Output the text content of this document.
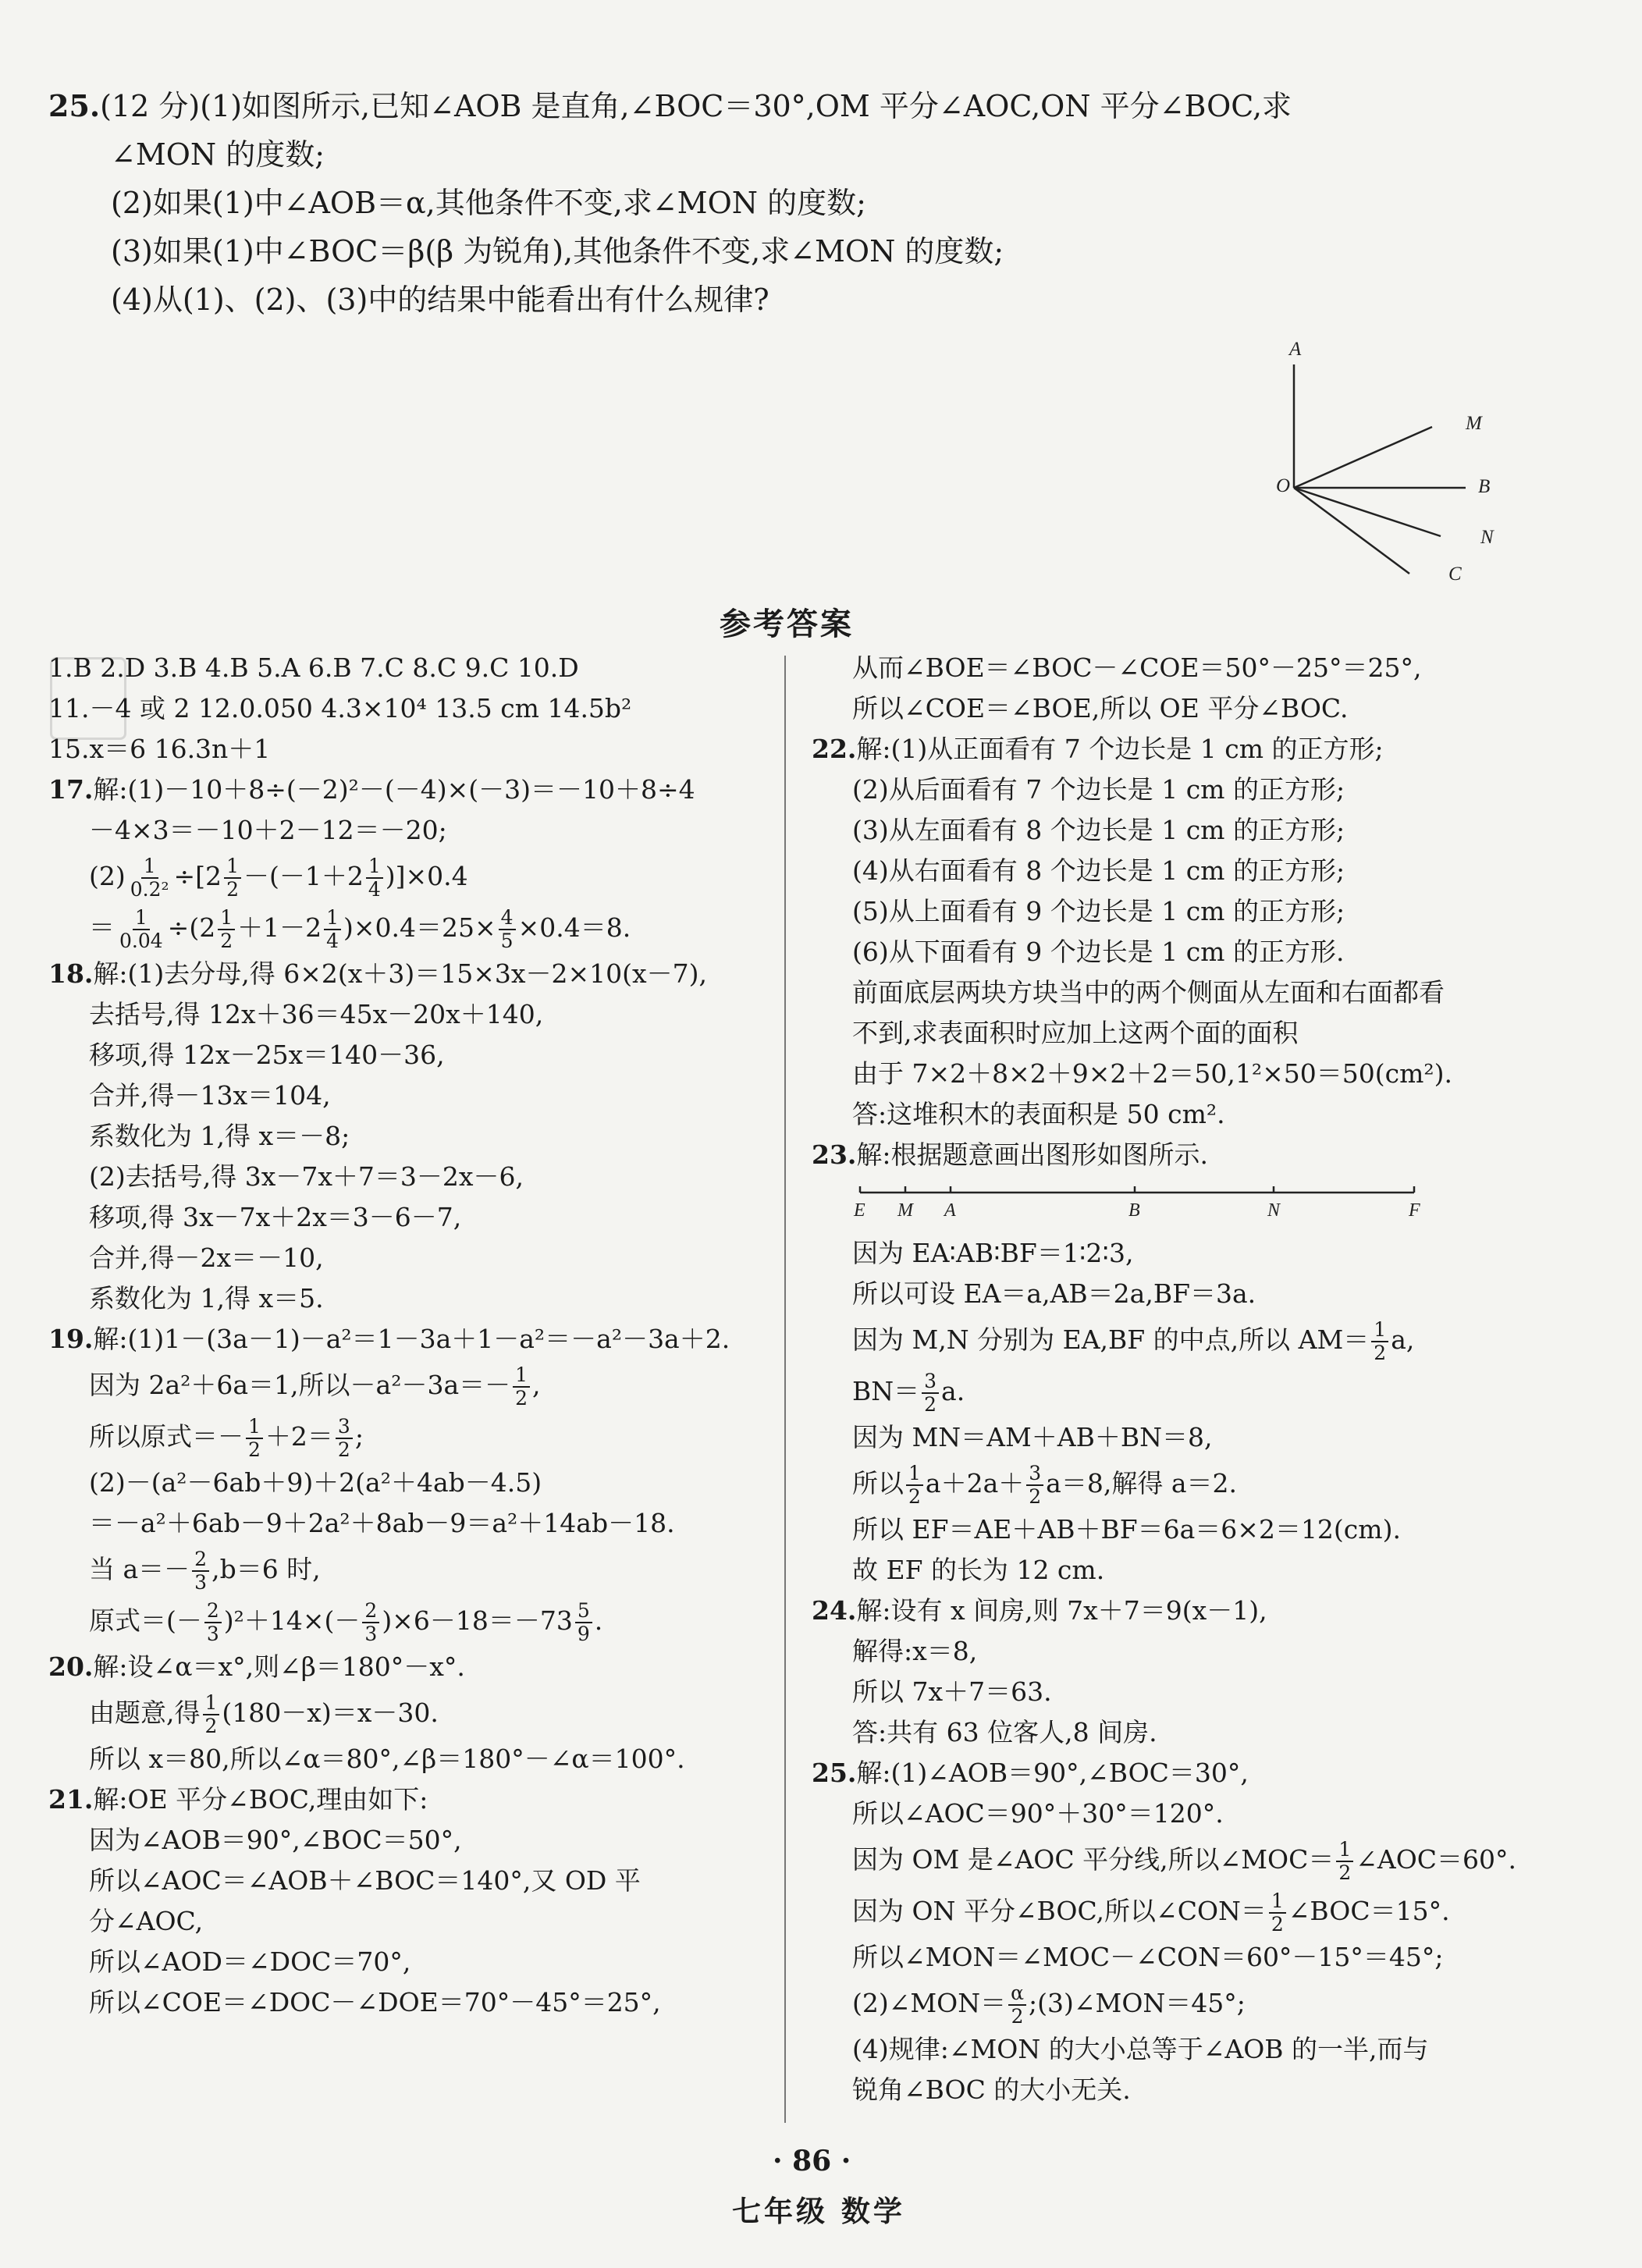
25.(12 分)(1)如图所示,已知∠AOB 是直角,∠BOC＝30°,OM 平分∠AOC,ON 平分∠BOC,求
∠MON 的度数;
(2)如果(1)中∠AOB＝α,其他条件不变,求∠MON 的度数;
(3)如果(1)中∠BOC＝β(β 为锐角),其他条件不变,求∠MON 的度数;
(4)从(1)、(2)、(3)中的结果中能看出有什么规律?
A
M
O	B
N
C
参考答案
1.B 2.D 3.B 4.B 5.A 6.B 7.C 8.C 9.C 10.D
11.－4 或 2 12.0.050 4.3×10⁴ 13.5 cm 14.5b²
15.x＝6 16.3n＋1
17.解:(1)－10＋8÷(－2)²－(－4)×(－3)＝－10＋8÷4
－4×3＝－10＋2－12＝－20;
$(2) \frac{1}{\text{0.2²}} \div[2 \frac{1}{2} -(-1+2 \frac{1}{4} )]\times 0.4$
＝ $\frac{1}{0.04} \div(2 \frac{1}{2} +1-2 \frac{1}{4} )\times 0.4=25\times \frac{4}{5} \times 0.4=8$.
18.解:(1)去分母,得 6×2(x＋3)＝15×3x－2×10(x－7),
去括号,得 12x＋36＝45x－20x＋140,
移项,得 12x－25x＝140－36,
合并,得－13x＝104,
系数化为 1,得 x＝－8;
(2)去括号,得 3x－7x＋7＝3－2x－6,
移项,得 3x－7x＋2x＝3－6－7,
合并,得－2x＝－10,
系数化为 1,得 x＝5.
19.解:(1)1－(3a－1)－a²＝1－3a＋1－a²＝－a²－3a＋2.
因为 2a²＋6a＝1,所以$-a^2-3a=- \frac{1}{2}$ ,
所以原式＝－ $\frac{1}{2} +2= \frac{3}{2}$ ;
(2)－(a²－6ab＋9)＋2(a²＋4ab－4.5)
＝－a²＋6ab－9＋2a²＋8ab－9＝a²＋14ab－18.
当 $a=- \frac{2}{3} ,b=6$ 时,
原式＝(－ $\frac{2}{3} )^2+14\times(- \frac{2}{3} )\times 6-18=-73 \frac{5}{9}$ .
20.解:设∠α＝x°,则∠β＝180°－x°.
由题意,得 $\frac{1}{2} (180-x)=x-30$.
所以 x＝80,所以∠α＝80°,∠β＝180°－∠α＝100°.
21.解:OE 平分∠BOC,理由如下:
因为∠AOB＝90°,∠BOC＝50°,
所以∠AOC＝∠AOB＋∠BOC＝140°,又 OD 平
分∠AOC,
所以∠AOD＝∠DOC＝70°,
所以∠COE＝∠DOC－∠DOE＝70°－45°＝25°,
从而∠BOE＝∠BOC－∠COE＝50°－25°＝25°,
所以∠COE＝∠BOE,所以 OE 平分∠BOC.
22.解:(1)从正面看有 7 个边长是 1 cm 的正方形;
(2)从后面看有 7 个边长是 1 cm 的正方形;
(3)从左面看有 8 个边长是 1 cm 的正方形;
(4)从右面看有 8 个边长是 1 cm 的正方形;
(5)从上面看有 9 个边长是 1 cm 的正方形;
(6)从下面看有 9 个边长是 1 cm 的正方形.
前面底层两块方块当中的两个侧面从左面和右面都看
不到,求表面积时应加上这两个面的面积
由于 7×2＋8×2＋9×2＋2＝50,1²×50＝50(cm²).
答:这堆积木的表面积是 50 cm².
23.解:根据题意画出图形如图所示.
E M A	B	N	F
因为 EA∶AB∶BF＝1∶2∶3,
所以可设 EA＝a,AB＝2a,BF＝3a.
因为 M,N 分别为 EA,BF 的中点,所以 $AM= \frac{1}{2} a$,
$BN= \frac{3}{2} a$.
因为 MN＝AM＋AB＋BN＝8,
所以 $\frac{1}{2} a+2a+ \frac{3}{2} a=8$,解得 a＝2.
所以 EF＝AE＋AB＋BF＝6a＝6×2＝12(cm).
故 EF 的长为 12 cm.
24.解:设有 x 间房,则 7x＋7＝9(x－1),
解得:x＝8,
所以 7x＋7＝63.
答:共有 63 位客人,8 间房.
25.解:(1)∠AOB＝90°,∠BOC＝30°,
所以∠AOC＝90°＋30°＝120°.
因为 OM 是∠AOC 平分线,所以∠MOC＝ $\frac{1}{2}$ ∠AOC＝60°.
因为 ON 平分∠BOC,所以∠CON＝ $\frac{1}{2}$ ∠BOC＝15°.
所以∠MON＝∠MOC－∠CON＝60°－15°＝45°;
(2)∠MON＝ $\frac{\alpha}{2}$ ;(3)∠MON＝45°;
(4)规律:∠MON 的大小总等于∠AOB 的一半,而与
锐角∠BOC 的大小无关.
· 86 ·
七年级 数学
